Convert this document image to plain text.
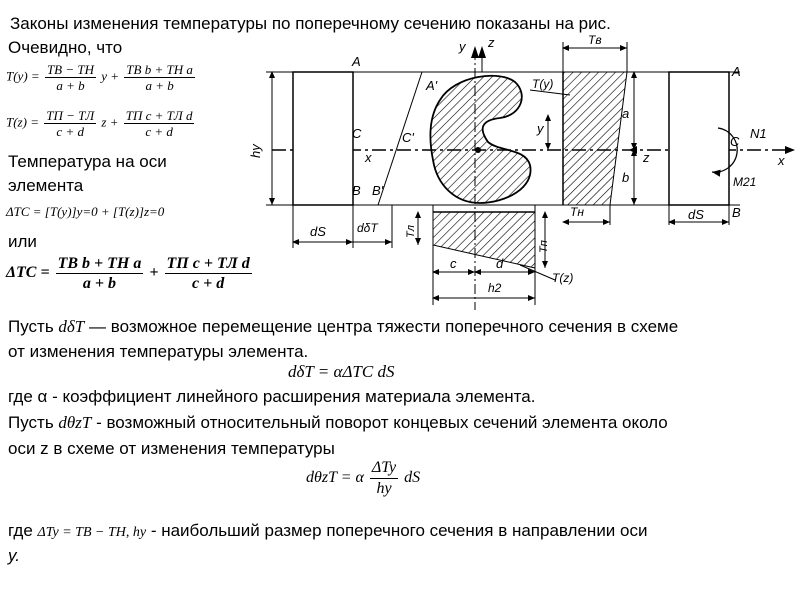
Законы изменения температуры по поперечному сечению показаны на рис.
Очевидно, что
$T(y) = \frac{TВ - TН}{a + b}$ $y + \frac{\text{TВ b + TН a}}{a + b}$
$T(z) = \frac{TП - TЛ}{c + d}$ $z + \frac{\text{TП c + TЛ d}}{c + d}$
Температура на оси
элемента
ΔTC = [T(y)]y=0 + [T(z)]z=0
или
$\Delta TC = \frac{\text{TВ b + TН a}}{a + b} + \frac{\text{TП c + TЛ d}}{c + d}$
hy
dS	dδT
dS
Tв
Tн
a
b
y
T(y)
Tл
Tп
c	d
h2
T(z)
A
A'
A
C	C'	C
B B'
B
x	x
y z
z
N1
M21
Пусть dδT — возможное перемещение центра тяжести поперечного сечения в схеме
от изменения температуры элемента.
dδT = αΔTC dS
где α - коэффициент линейного расширения материала элемента.
Пусть dθzT - возможный относительный поворот концевых сечений элемента около
оси z в схеме от изменения температуры
dθzT = α $\frac{\text{ΔTy}}{hy}$ dS
где ΔTy = TВ − TН, hy - наибольший размер поперечного сечения в направлении оси
y.
